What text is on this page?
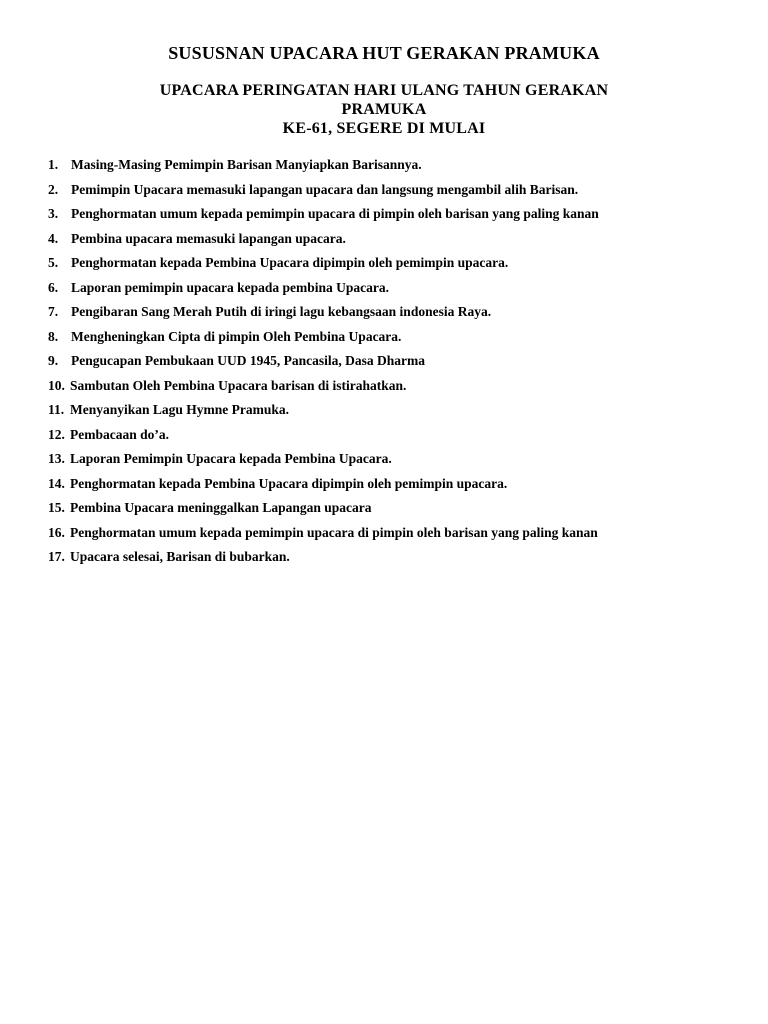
SUSUSNAN UPACARA HUT GERAKAN PRAMUKA
UPACARA PERINGATAN HARI ULANG TAHUN GERAKAN
PRAMUKA
KE-61, SEGERE DI MULAI
1. Masing-Masing Pemimpin Barisan Manyiapkan Barisannya.
2. Pemimpin Upacara memasuki lapangan upacara dan langsung mengambil alih Barisan.
3. Penghormatan umum kepada pemimpin upacara di pimpin oleh barisan yang paling kanan
4. Pembina upacara memasuki lapangan upacara.
5. Penghormatan kepada Pembina Upacara dipimpin oleh pemimpin upacara.
6. Laporan pemimpin upacara kepada pembina Upacara.
7. Pengibaran Sang Merah Putih di iringi lagu kebangsaan indonesia Raya.
8. Mengheningkan Cipta di pimpin Oleh Pembina Upacara.
9. Pengucapan Pembukaan UUD 1945, Pancasila, Dasa Dharma
10. Sambutan Oleh Pembina Upacara barisan di istirahatkan.
11. Menyanyikan Lagu Hymne Pramuka.
12. Pembacaan do’a.
13. Laporan Pemimpin Upacara kepada Pembina Upacara.
14. Penghormatan kepada Pembina Upacara dipimpin oleh pemimpin upacara.
15. Pembina Upacara meninggalkan Lapangan upacara
16. Penghormatan umum kepada pemimpin upacara di pimpin oleh barisan yang paling kanan
17. Upacara selesai, Barisan di bubarkan.
